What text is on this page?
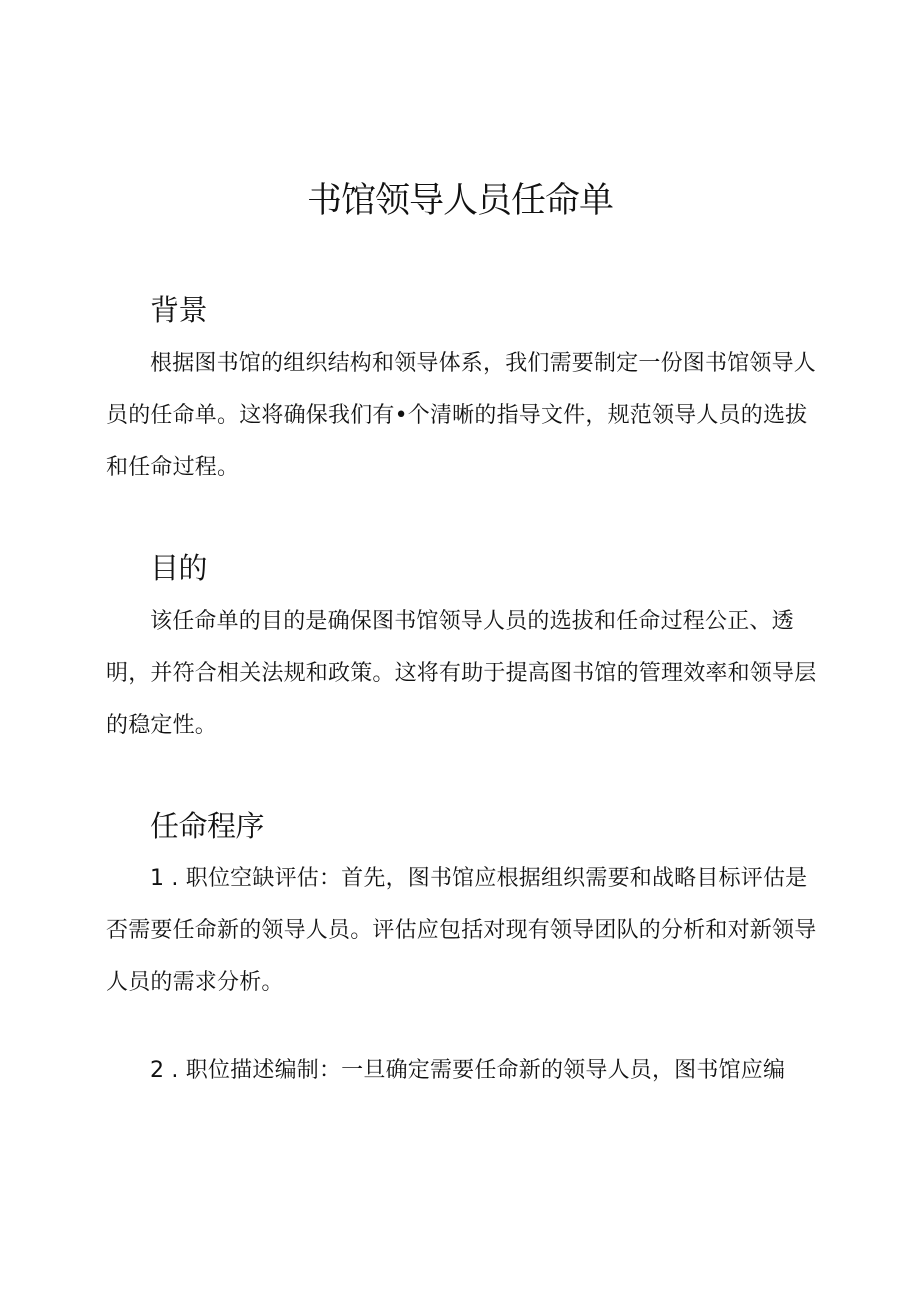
书馆领导人员任命单
背景

根据图书馆的组织结构和领导体系，我们需要制定一份图书馆领导人员的任命单。这将确保我们有•个清晰的指导文件，规范领导人员的选拔和任命过程。

目的

该任命单的目的是确保图书馆领导人员的选拔和任命过程公正、透明，并符合相关法规和政策。这将有助于提高图书馆的管理效率和领导层的稳定性。

任命程序

1 . 职位空缺评估：首先，图书馆应根据组织需要和战略目标评估是否需要任命新的领导人员。评估应包括对现有领导团队的分析和对新领导人员的需求分析。

2 . 职位描述编制：一旦确定需要任命新的领导人员，图书馆应编
